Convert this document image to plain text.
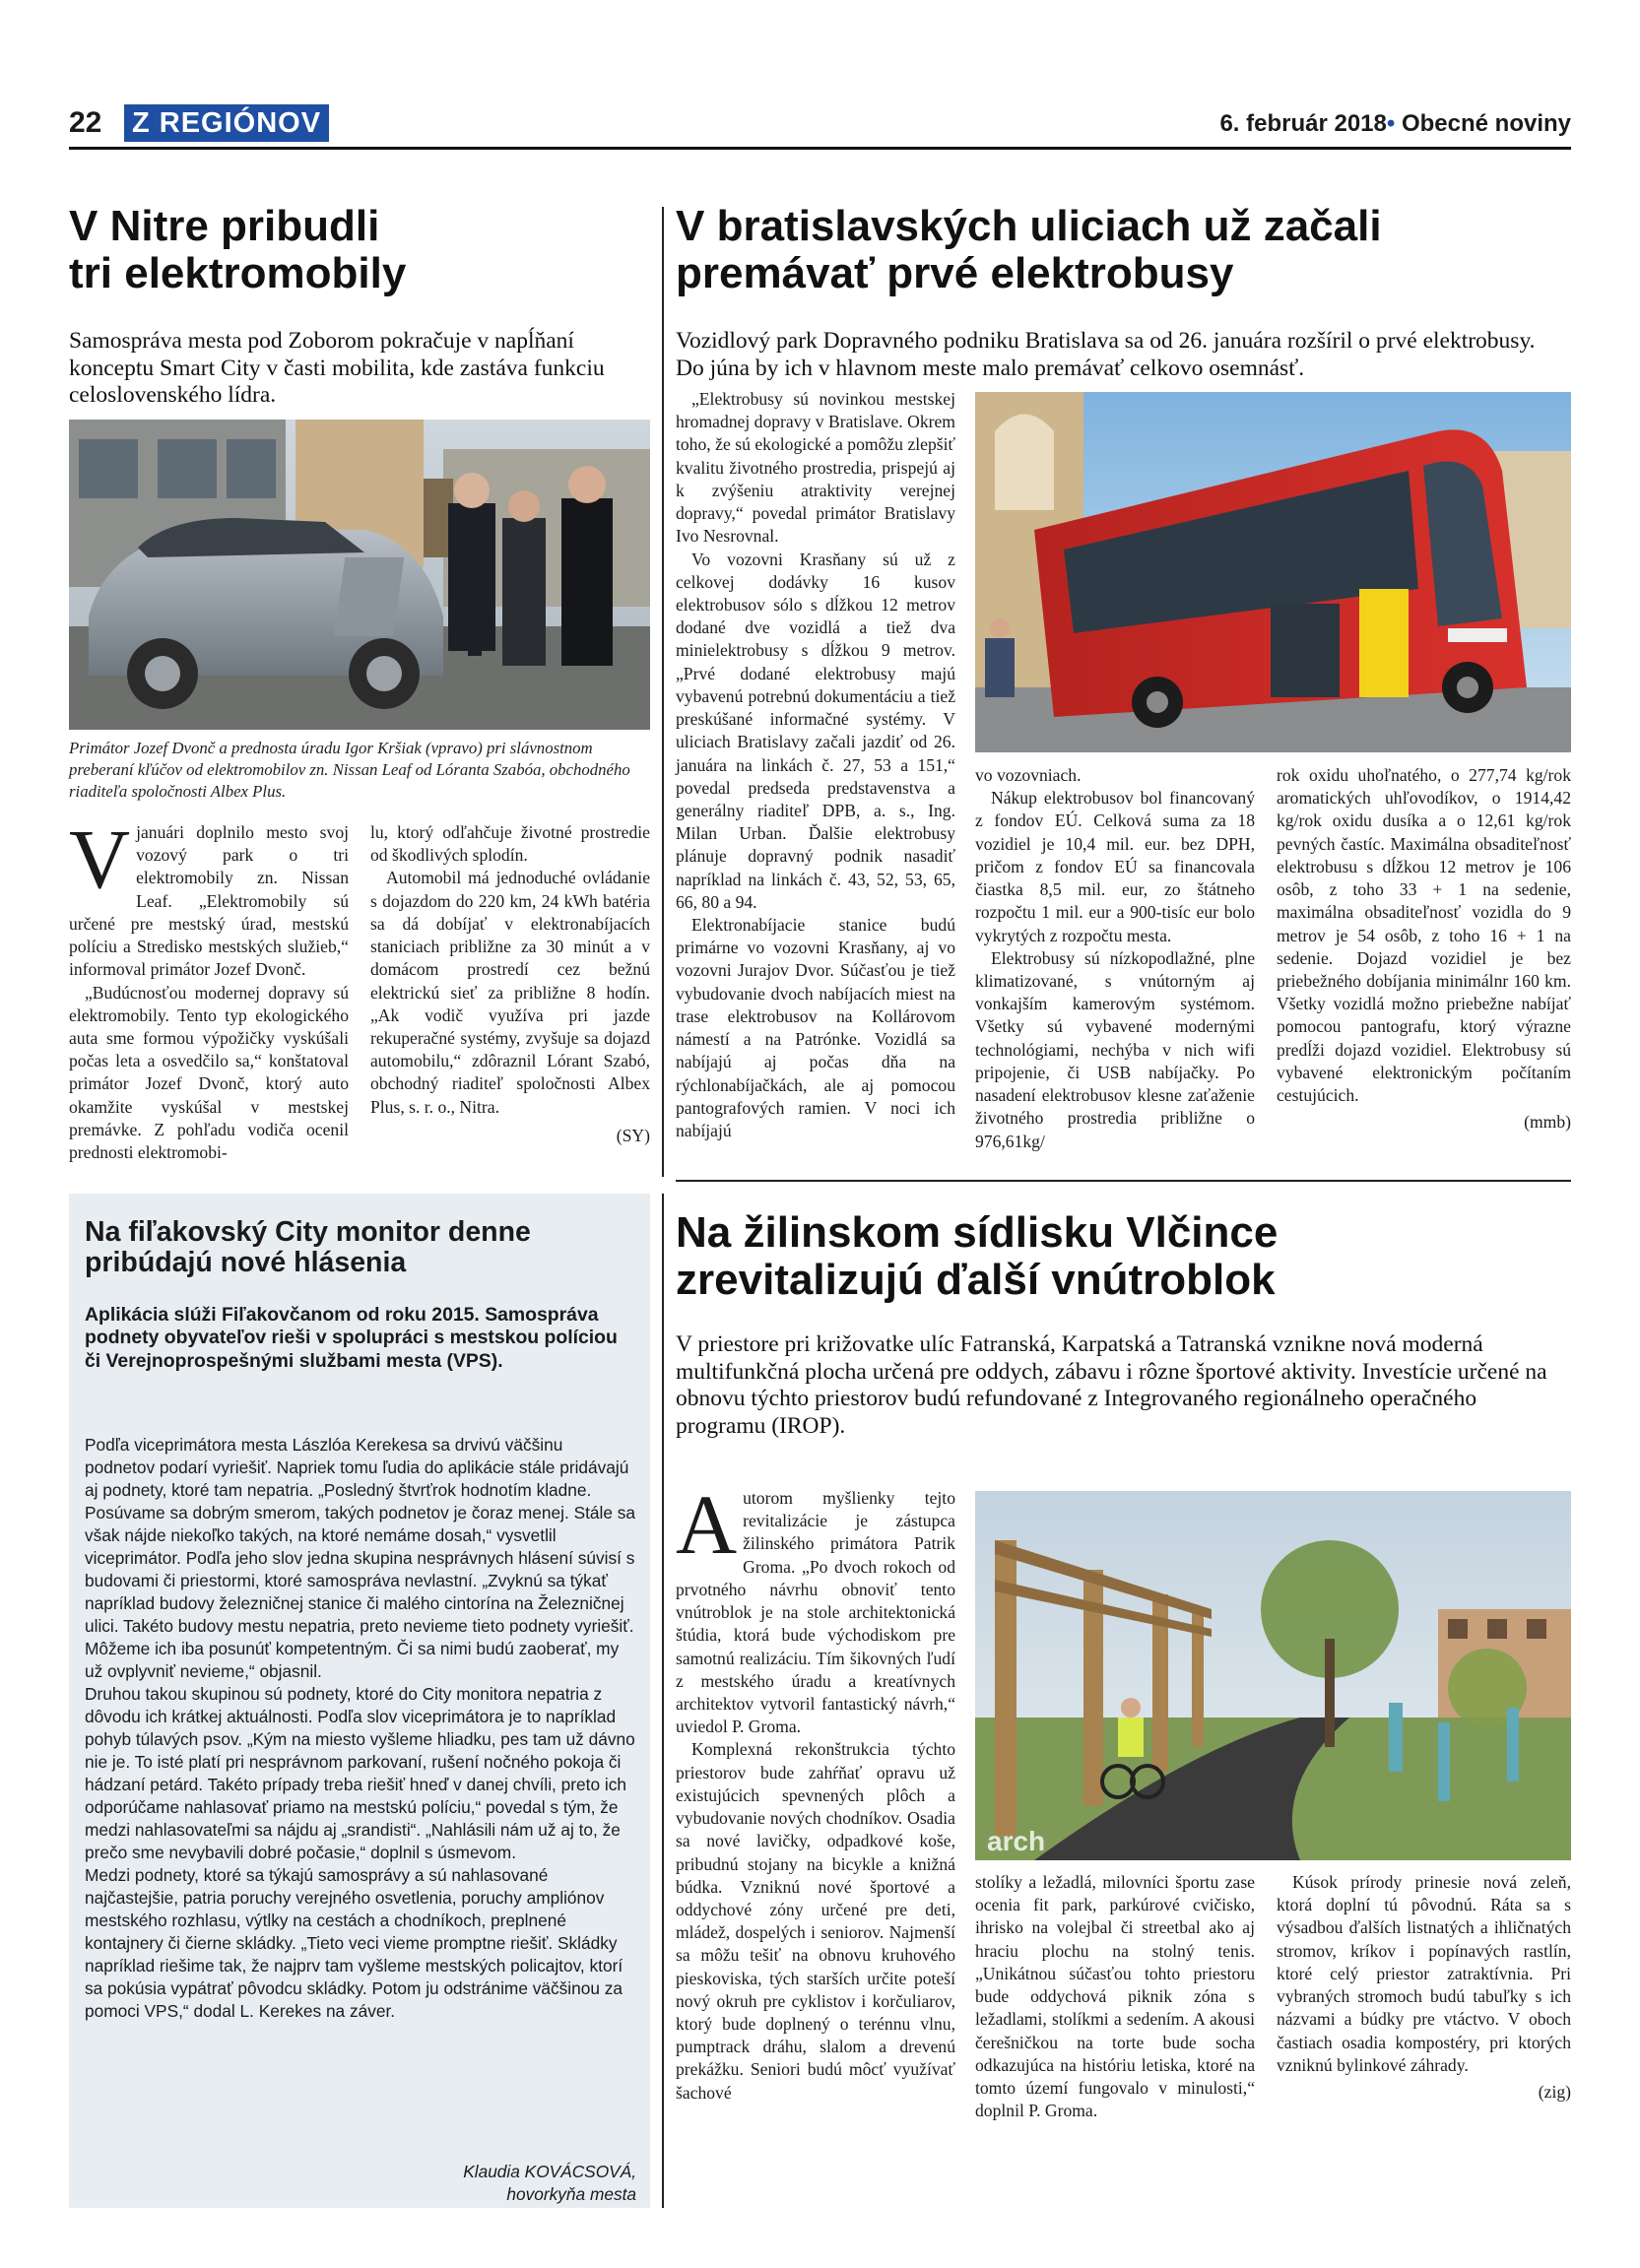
22 Z REGIÓNOV	6. február 2018• Obecné noviny
V Nitre pribudli
tri elektromobily
Samospráva mesta pod Zoborom pokračuje v napĺňaní konceptu Smart City v časti mobilita, kde zastáva funkciu celoslovenského lídra.
Primátor Jozef Dvonč a prednosta úradu Igor Kršiak (vpravo) pri slávnostnom preberaní kľúčov od elektromobilov zn. Nissan Leaf od Lóranta Szabóa, obchodného riaditeľa spoločnosti Albex Plus.

Vjanuári doplnilo mesto svoj vozový park o tri elektromobily zn. Nissan Leaf. „Elektromobily sú určené pre mestský úrad, mestskú políciu a Stredisko mestských služieb,“ informoval primátor Jozef Dvonč.

„Budúcnosťou modernej dopravy sú elektromobily. Tento typ ekologického auta sme formou výpožičky vyskúšali počas leta a osvedčilo sa,“ konštatoval primátor Jozef Dvonč, ktorý auto okamžite vyskúšal v mestskej premávke. Z pohľadu vodiča ocenil prednosti elektromobi-

lu, ktorý odľahčuje životné prostredie od škodlivých splodín.

Automobil má jednoduché ovládanie s dojazdom do 220 km, 24 kWh batéria sa dá dobíjať v elektronabíjacích staniciach približne za 30 minút a v domácom prostredí cez bežnú elektrickú sieť za približne 8 hodín. „Ak vodič využíva pri jazde rekuperačné systémy, zvyšuje sa dojazd automobilu,“ zdôraznil Lórant Szabó, obchodný riaditeľ spoločnosti Albex Plus, s. r. o., Nitra.

(SY)

V bratislavských uliciach už začali
premávať prvé elektrobusy
Vozidlový park Dopravného podniku Bratislava sa od 26. januára rozšíril o prvé elektrobusy. Do júna by ich v hlavnom meste malo premávať celkovo osemnásť.

„Elektrobusy sú novinkou mestskej hromadnej dopravy v Bratislave. Okrem toho, že sú ekologické a pomôžu zlepšiť kvalitu životného prostredia, prispejú aj k zvýšeniu atraktivity verejnej dopravy,“ povedal primátor Bratislavy Ivo Nesrovnal.

Vo vozovni Krasňany sú už z celkovej dodávky 16 kusov elektrobusov sólo s dĺžkou 12 metrov dodané dve vozidlá a tiež dva minielektrobusy s dĺžkou 9 metrov. „Prvé dodané elektrobusy majú vybavenú potrebnú dokumentáciu a tiež preskúšané informačné systémy. V uliciach Bratislavy začali jazdiť od 26. januára na linkách č. 27, 53 a 151,“ povedal predseda predstavenstva a generálny riaditeľ DPB, a. s., Ing. Milan Urban. Ďalšie elektrobusy plánuje dopravný podnik nasadiť napríklad na linkách č. 43, 52, 53, 65, 66, 80 a 94.

Elektronabíjacie stanice budú primárne vo vozovni Krasňany, aj vo vozovni Jurajov Dvor. Súčasťou je tiež vybudovanie dvoch nabíjacích miest na trase elektrobusov na Kollárovom námestí a na Patrónke. Vozidlá sa nabíjajú aj počas dňa na rýchlonabíjačkách, ale aj pomocou pantografových ramien. V noci ich nabíjajú

vo vozovniach.

Nákup elektrobusov bol financovaný z fondov EÚ. Celková suma za 18 vozidiel je 10,4 mil. eur. bez DPH, pričom z fondov EÚ sa financovala čiastka 8,5 mil. eur, zo štátneho rozpočtu 1 mil. eur a 900-tisíc eur bolo vykrytých z rozpočtu mesta.

Elektrobusy sú nízkopodlažné, plne klimatizované, s vnútorným aj vonkajším kamerovým systémom. Všetky sú vybavené modernými technológiami, nechýba v nich wifi pripojenie, či USB nabíjačky. Po nasadení elektrobusov klesne zaťaženie životného prostredia približne o 976,61kg/

rok oxidu uhoľnatého, o 277,74 kg/rok aromatických uhľovodíkov, o 1914,42 kg/rok oxidu dusíka a o 12,61 kg/rok pevných častíc. Maximálna obsaditeľnosť elektrobusu s dĺžkou 12 metrov je 106 osôb, z toho 33 + 1 na sedenie, maximálna obsaditeľnosť vozidla do 9 metrov je 54 osôb, z toho 16 + 1 na sedenie. Dojazd vozidiel je bez priebežného dobíjania minimálnr 160 km. Všetky vozidlá možno priebežne nabíjať pomocou pantografu, ktorý výrazne predĺži dojazd vozidiel. Elektrobusy sú vybavené elektronickým počítaním cestujúcich.

(mmb)

Na fiľakovský City monitor denne
pribúdajú nové hlásenia
Aplikácia slúži Fiľakovčanom od roku 2015. Samospráva podnety obyvateľov rieši v spolupráci s mestskou políciou či Verejnoprospešnými službami mesta (VPS).

Podľa viceprimátora mesta Lászlóa Kerekesa sa drvivú väčšinu podnetov podarí vyriešiť. Napriek tomu ľudia do aplikácie stále pridávajú aj podnety, ktoré tam nepatria. „Posledný štvrťrok hodnotím kladne. Posúvame sa dobrým smerom, takých podnetov je čoraz menej. Stále sa však nájde niekoľko takých, na ktoré nemáme dosah,“ vysvetlil viceprimátor. Podľa jeho slov jedna skupina nesprávnych hlásení súvisí s budovami či priestormi, ktoré samospráva nevlastní. „Zvyknú sa týkať napríklad budovy železničnej stanice či malého cintorína na Železničnej ulici. Takéto budovy mestu nepatria, preto nevieme tieto podnety vyriešiť. Môžeme ich iba posunúť kompetentným. Či sa nimi budú zaoberať, my už ovplyvniť nevieme,“ objasnil.

Druhou takou skupinou sú podnety, ktoré do City monitora nepatria z dôvodu ich krátkej aktuálnosti. Podľa slov viceprimátora je to napríklad pohyb túlavých psov. „Kým na miesto vyšleme hliadku, pes tam už dávno nie je. To isté platí pri nesprávnom parkovaní, rušení nočného pokoja či hádzaní petárd. Takéto prípady treba riešiť hneď v danej chvíli, preto ich odporúčame nahlasovať priamo na mestskú políciu,“ povedal s tým, že medzi nahlasovateľmi sa nájdu aj „srandisti“. „Nahlásili nám už aj to, že prečo sme nevybavili dobré počasie,“ doplnil s úsmevom.

Medzi podnety, ktoré sa týkajú samosprávy a sú nahlasované najčastejšie, patria poruchy verejného osvetlenia, poruchy ampliónov mestského rozhlasu, výtlky na cestách a chodníkoch, preplnené kontajnery či čierne skládky. „Tieto veci vieme promptne riešiť. Skládky napríklad riešime tak, že najprv tam vyšleme mestských policajtov, ktorí sa pokúsia vypátrať pôvodcu skládky. Potom ju odstránime väčšinou za pomoci VPS,“ dodal L. Kerekes na záver.

Klaudia KOVÁCSOVÁ,
hovorkyňa mesta
Na žilinskom sídlisku Vlčince
zrevitalizujú ďalší vnútroblok
V priestore pri križovatke ulíc Fatranská, Karpatská a Tatranská vznikne nová moderná multifunkčná plocha určená pre oddych, zábavu i rôzne športové aktivity. Investície určené na obnovu týchto priestorov budú refundované z Integrovaného regionálneho operačného programu (IROP).

Autorom myšlienky tejto revitalizácie je zástupca žilinského primátora Patrik Groma. „Po dvoch rokoch od prvotného návrhu obnoviť tento vnútroblok je na stole architektonická štúdia, ktorá bude východiskom pre samotnú realizáciu. Tím šikovných ľudí z mestského úradu a kreatívnych architektov vytvoril fantastický návrh,“ uviedol P. Groma.

Komplexná rekonštrukcia týchto priestorov bude zahŕňať opravu už existujúcich spevnených plôch a vybudovanie nových chodníkov. Osadia sa nové lavičky, odpadkové koše, pribudnú stojany na bicykle a knižná búdka. Vzniknú nové športové a oddychové zóny určené pre deti, mládež, dospelých i seniorov. Najmenší sa môžu tešiť na obnovu kruhového pieskoviska, tých starších určite poteší nový okruh pre cyklistov i korčuliarov, ktorý bude doplnený o terénnu vlnu, pumptrack dráhu, slalom a drevenú prekážku. Seniori budú môcť využívať šachové

arch

stolíky a ležadlá, milovníci športu zase ocenia fit park, parkúrové cvičisko, ihrisko na volejbal či streetbal ako aj hraciu plochu na stolný tenis. „Unikátnou súčasťou tohto priestoru bude oddychová piknik zóna s ležadlami, stolíkmi a sedením. A akousi čerešničkou na torte bude socha odkazujúca na históriu letiska, ktoré na tomto území fungovalo v minulosti,“ doplnil P. Groma.

Kúsok prírody prinesie nová zeleň, ktorá doplní tú pôvodnú. Ráta sa s výsadbou ďalších listnatých a ihličnatých stromov, kríkov i popínavých rastlín, ktoré celý priestor zatraktívnia. Pri vybraných stromoch budú tabuľky s ich názvami a búdky pre vtáctvo. V oboch častiach osadia kompostéry, pri ktorých vzniknú bylinkové záhrady.

(zig)
